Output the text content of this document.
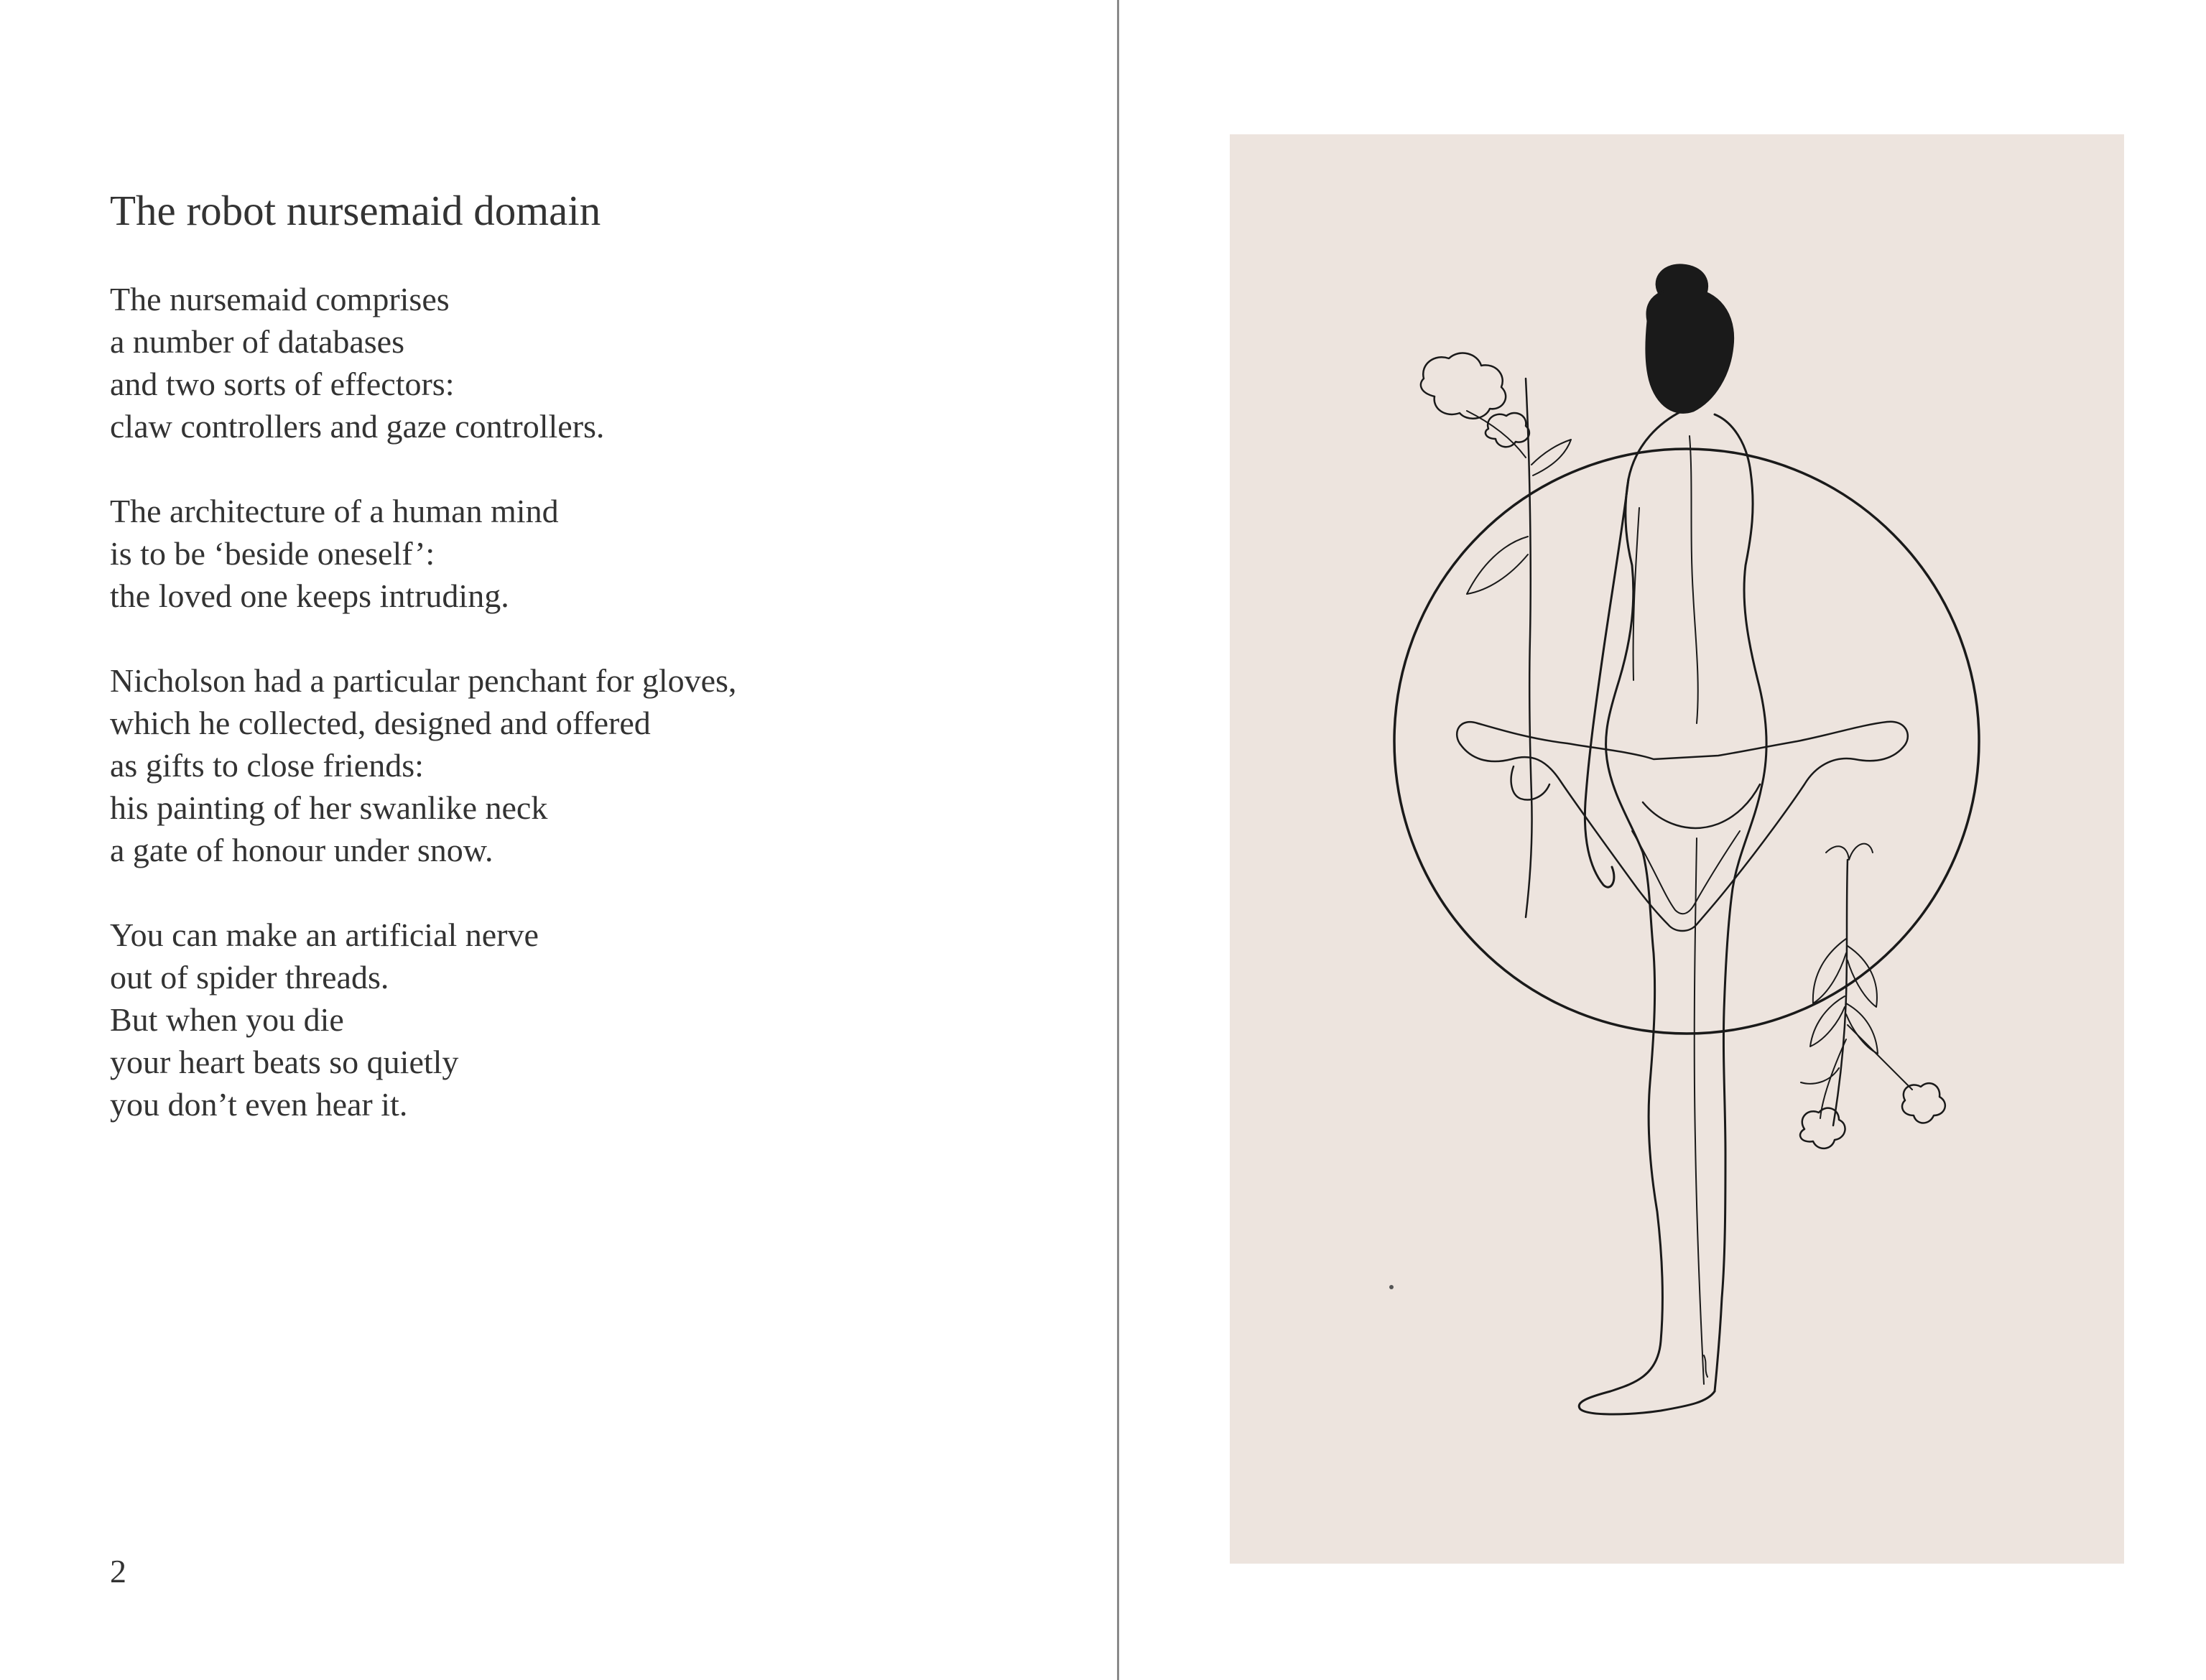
The robot nursemaid domain
The nursemaid comprises
a number of databases
and two sorts of effectors:
claw controllers and gaze controllers.
The architecture of a human mind
is to be ‘beside oneself’:
the loved one keeps intruding.
Nicholson had a particular penchant for gloves,
which he collected, designed and offered
as gifts to close friends:
his painting of her swanlike neck
a gate of honour under snow.
You can make an artificial nerve
out of spider threads.
But when you die
your heart beats so quietly
you don’t even hear it.
2
